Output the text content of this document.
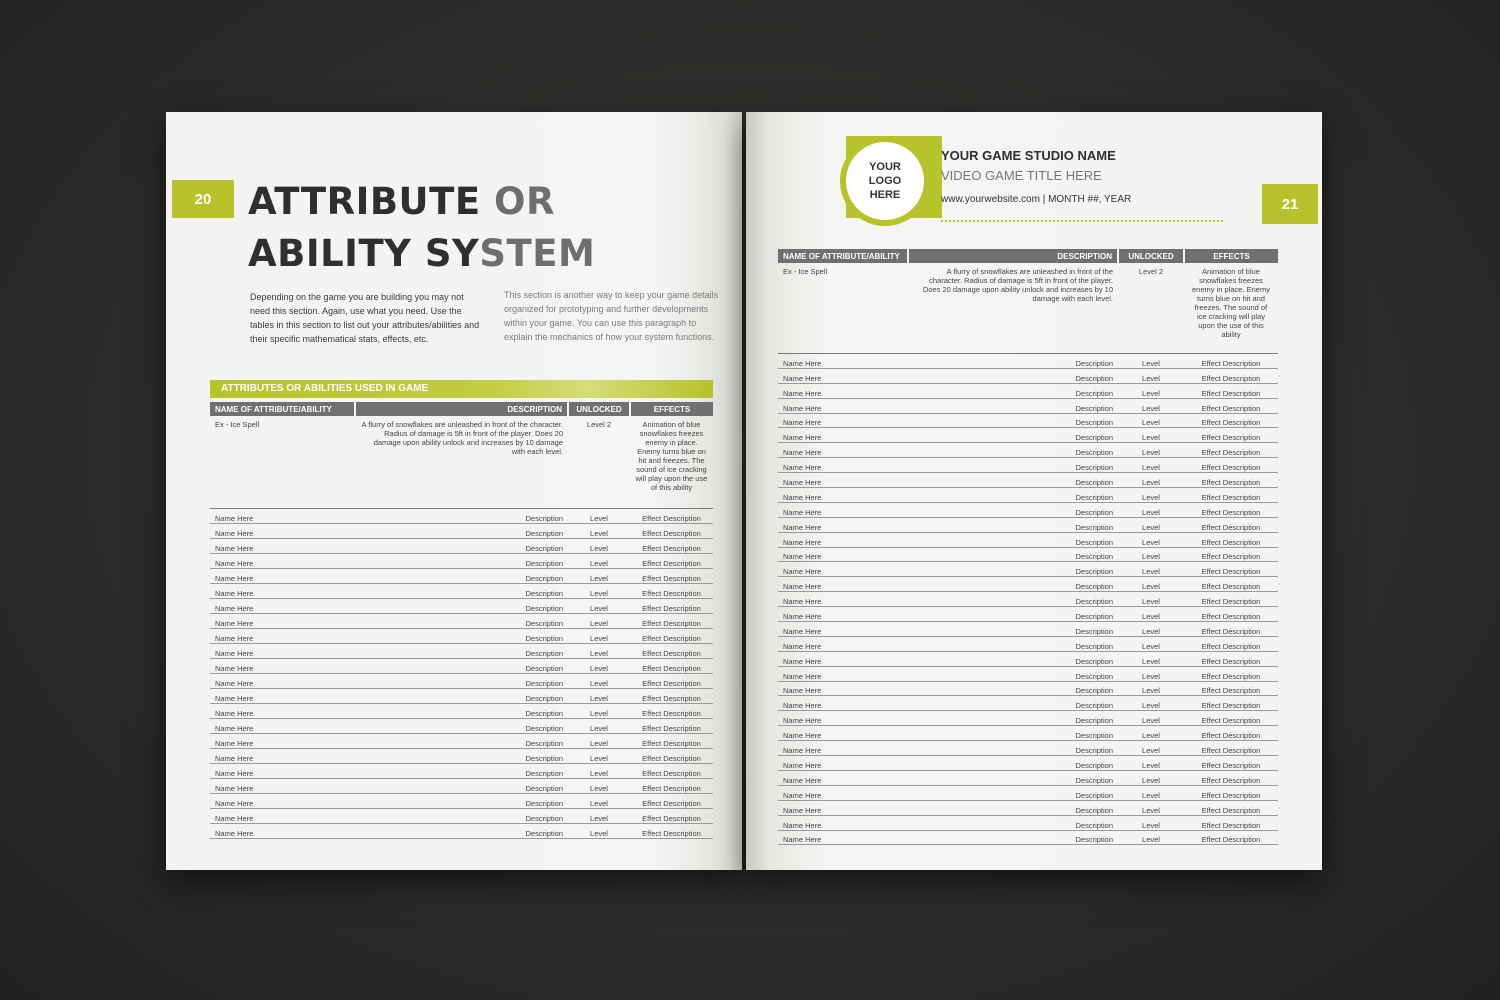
20 ATTRIBUTE OR
ABILITY SYSTEM

Depending on the game you are building you may not need this section. Again, use what you need. Use the tables in this section to list out your attributes/abilities and their specific mathematical stats, effects, etc.

This section is another way to keep your game details organized for prototyping and further developments within your game. You can use this paragraph to explain the mechanics of how your system functions.

ATTRIBUTES OR ABILITIES USED IN GAME
NAME OF ATTRIBUTE/ABILITY	DESCRIPTION	UNLOCKED	EFFECTS
Ex - Ice Spell	A flurry of snowflakes are unleashed in front of the character. Radius of damage is 5ft in front of the player. Does 20 damage upon ability unlock and increases by 10 damage with each level.	Level 2	Animation of blue snowflakes freezes enemy in place. Enemy turns blue on hit and freezes. The sound of ice cracking will play upon the use of this ability
Name Here	Description	Level	Effect Description
Name Here	Description	Level	Effect Description
Name Here	Description	Level	Effect Description
Name Here	Description	Level	Effect Description
Name Here	Description	Level	Effect Description
Name Here	Description	Level	Effect Description
Name Here	Description	Level	Effect Description
Name Here	Description	Level	Effect Description
Name Here	Description	Level	Effect Description
Name Here	Description	Level	Effect Description
Name Here	Description	Level	Effect Description
Name Here	Description	Level	Effect Description
Name Here	Description	Level	Effect Description
Name Here	Description	Level	Effect Description
Name Here	Description	Level	Effect Description
Name Here	Description	Level	Effect Description
Name Here	Description	Level	Effect Description
Name Here	Description	Level	Effect Description
Name Here	Description	Level	Effect Description
Name Here	Description	Level	Effect Description
Name Here	Description	Level	Effect Description
Name Here	Description	Level	Effect Description
YOUR
LOGO
HERE
21

YOUR GAME STUDIO NAME

VIDEO GAME TITLE HERE

www.yourwebsite.com | MONTH ##, YEAR

NAME OF ATTRIBUTE/ABILITY	DESCRIPTION	UNLOCKED	EFFECTS
Ex - Ice Spell	A flurry of snowflakes are unleashed in front of the character. Radius of damage is 5ft in front of the player. Does 20 damage upon ability unlock and increases by 10 damage with each level.	Level 2	Animation of blue snowflakes freezes enemy in place. Enemy turns blue on hit and freezes. The sound of ice cracking will play upon the use of this ability
Name Here	Description	Level	Effect Description
Name Here	Description	Level	Effect Description
Name Here	Description	Level	Effect Description
Name Here	Description	Level	Effect Description
Name Here	Description	Level	Effect Description
Name Here	Description	Level	Effect Description
Name Here	Description	Level	Effect Description
Name Here	Description	Level	Effect Description
Name Here	Description	Level	Effect Description
Name Here	Description	Level	Effect Description
Name Here	Description	Level	Effect Description
Name Here	Description	Level	Effect Description
Name Here	Description	Level	Effect Description
Name Here	Description	Level	Effect Description
Name Here	Description	Level	Effect Description
Name Here	Description	Level	Effect Description
Name Here	Description	Level	Effect Description
Name Here	Description	Level	Effect Description
Name Here	Description	Level	Effect Description
Name Here	Description	Level	Effect Description
Name Here	Description	Level	Effect Description
Name Here	Description	Level	Effect Description
Name Here	Description	Level	Effect Description
Name Here	Description	Level	Effect Description
Name Here	Description	Level	Effect Description
Name Here	Description	Level	Effect Description
Name Here	Description	Level	Effect Description
Name Here	Description	Level	Effect Description
Name Here	Description	Level	Effect Description
Name Here	Description	Level	Effect Description
Name Here	Description	Level	Effect Description
Name Here	Description	Level	Effect Description
Name Here	Description	Level	Effect Description
